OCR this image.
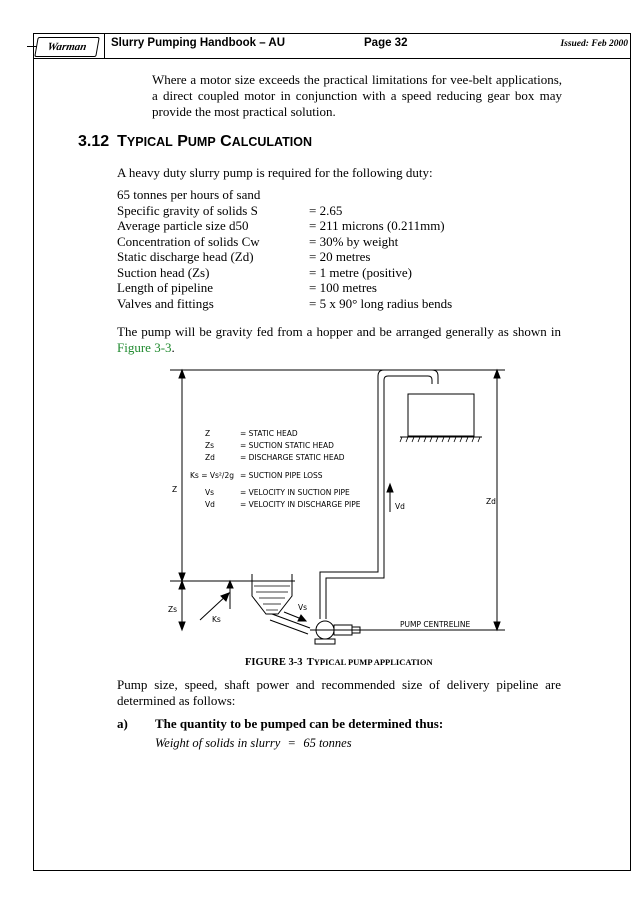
Warman	Slurry Pumping Handbook – AU	Page 32	Issued: Feb 2000
Where a motor size exceeds the practical limitations for vee-belt applications, a direct coupled motor in conjunction with a speed reducing gear box may provide the most practical solution.
3.12 TYPICAL PUMP CALCULATION
A heavy duty slurry pump is required for the following duty:
65 tonnes per hours of sand
Specific gravity of solids S	= 2.65
Average particle size d50	= 211 microns (0.211mm)
Concentration of solids Cw	= 30% by weight
Static discharge head (Zd)	= 20 metres
Suction head (Zs)	= 1 metre (positive)
Length of pipeline	= 100 metres
Valves and fittings	= 5 x 90° long radius bends
The pump will be gravity fed from a hopper and be arranged generally as shown in Figure 3-3.
Z	= STATIC HEAD
Zs	= SUCTION STATIC HEAD
Zd	= DISCHARGE STATIC HEAD
Ks = Vs²/2g = SUCTION PIPE LOSS
Vs	= VELOCITY IN SUCTION PIPE
Vd	= VELOCITY IN DISCHARGE PIPE
Z
Zs
Zd
Vd
Vs
Ks
PUMP CENTRELINE
FIGURE 3-3 TYPICAL PUMP APPLICATION
Pump size, speed, shaft power and recommended size of delivery pipeline are determined as follows:
a) The quantity to be pumped can be determined thus:
Weight of solids in slurry = 65 tonnes
